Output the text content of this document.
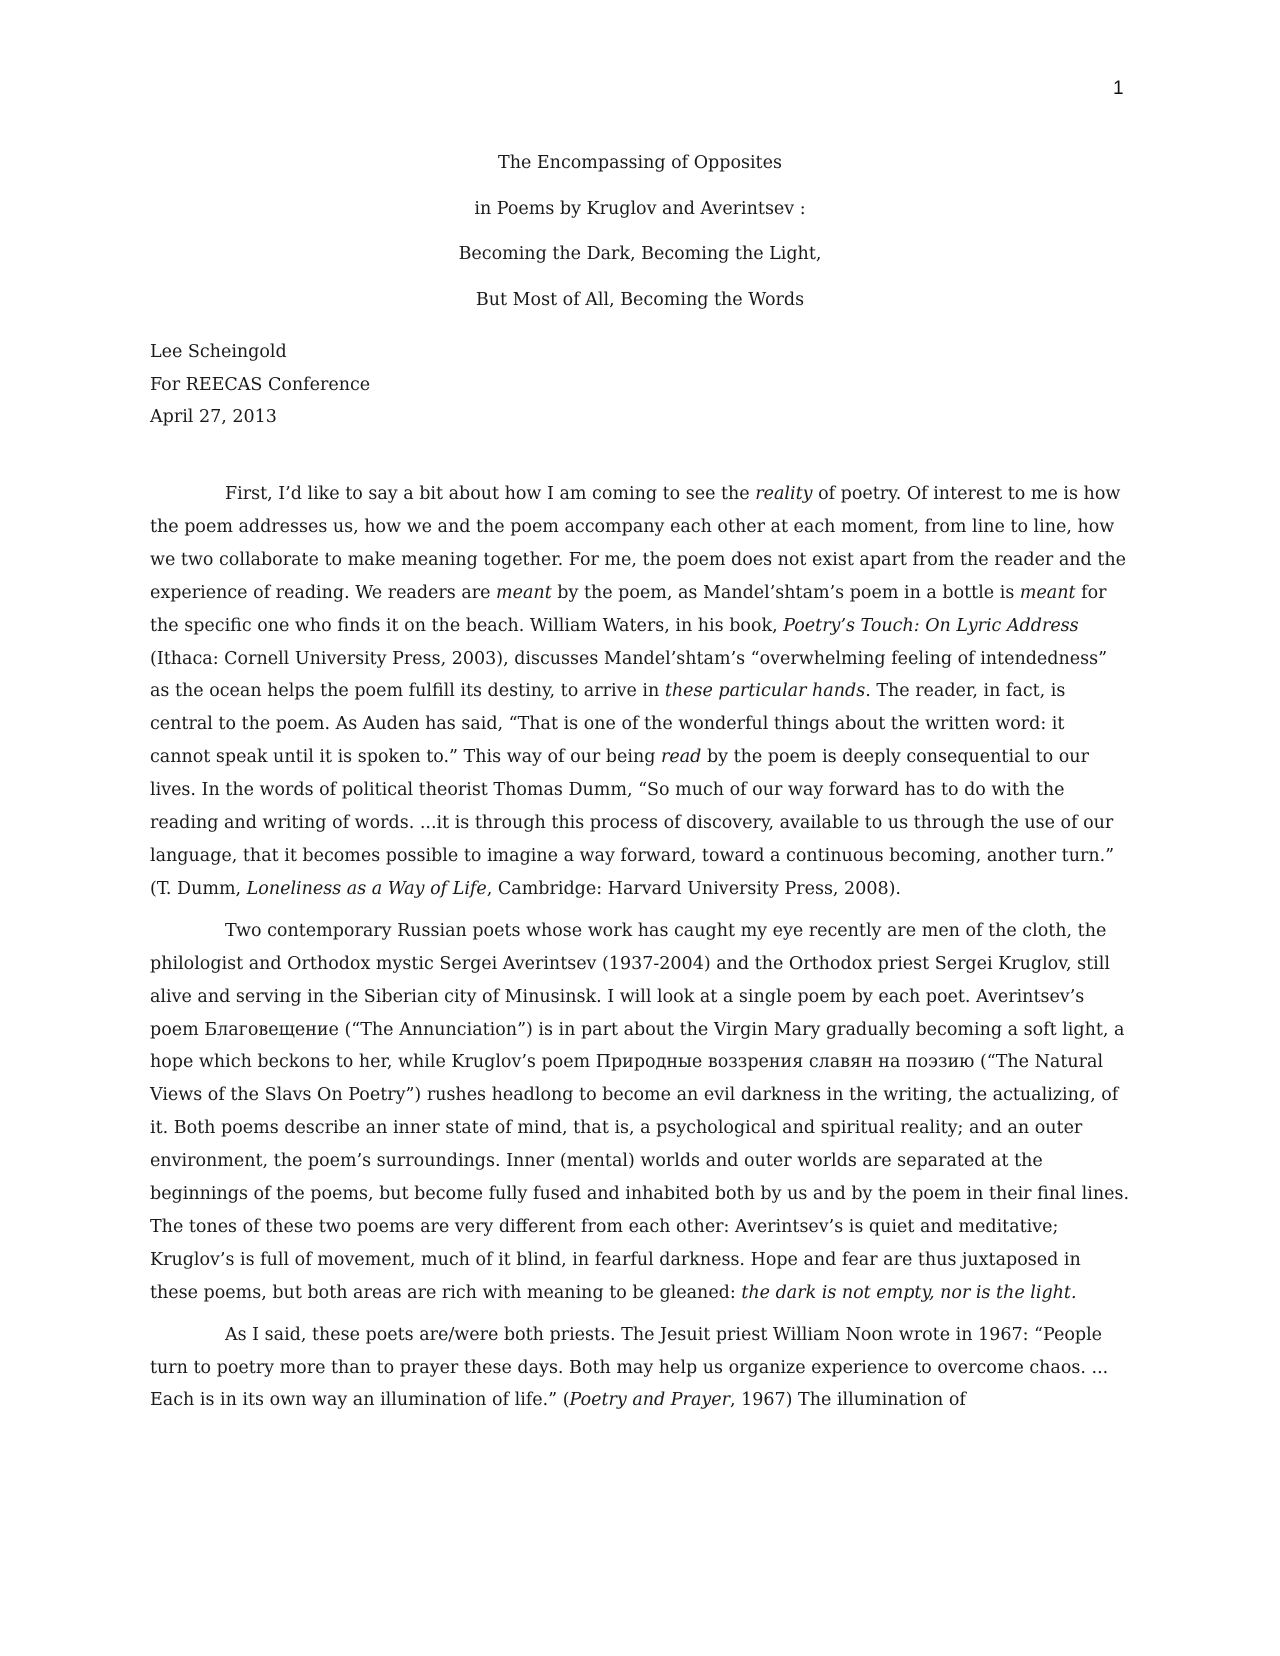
1
The Encompassing of Opposites
in Poems by Kruglov and Averintsev :
Becoming the Dark, Becoming the Light,
But Most of All, Becoming the Words
Lee Scheingold
For REECAS Conference
April 27, 2013

First, I’d like to say a bit about how I am coming to see the reality of poetry. Of interest to me is how the poem addresses us, how we and the poem accompany each other at each moment, from line to line, how we two collaborate to make meaning together. For me, the poem does not exist apart from the reader and the experience of reading. We readers are meant by the poem, as Mandel’shtam’s poem in a bottle is meant for the specific one who finds it on the beach. William Waters, in his book, Poetry’s Touch: On Lyric Address (Ithaca: Cornell University Press, 2003), discusses Mandel’shtam’s “overwhelming feeling of intendedness” as the ocean helps the poem fulfill its destiny, to arrive in these particular hands. The reader, in fact, is central to the poem. As Auden has said, “That is one of the wonderful things about the written word: it cannot speak until it is spoken to.” This way of our being read by the poem is deeply consequential to our lives. In the words of political theorist Thomas Dumm, “So much of our way forward has to do with the reading and writing of words. ...it is through this process of discovery, available to us through the use of our language, that it becomes possible to imagine a way forward, toward a continuous becoming, another turn.” (T. Dumm, Loneliness as a Way of Life, Cambridge: Harvard University Press, 2008).

Two contemporary Russian poets whose work has caught my eye recently are men of the cloth, the philologist and Orthodox mystic Sergei Averintsev (1937-2004) and the Orthodox priest Sergei Kruglov, still alive and serving in the Siberian city of Minusinsk. I will look at a single poem by each poet. Averintsev’s poem Благовещение (“The Annunciation”) is in part about the Virgin Mary gradually becoming a soft light, a hope which beckons to her, while Kruglov’s poem Природные воззрения славян на поэзию (“The Natural Views of the Slavs On Poetry”) rushes headlong to become an evil darkness in the writing, the actualizing, of it. Both poems describe an inner state of mind, that is, a psychological and spiritual reality; and an outer environment, the poem’s surroundings. Inner (mental) worlds and outer worlds are separated at the beginnings of the poems, but become fully fused and inhabited both by us and by the poem in their final lines. The tones of these two poems are very different from each other: Averintsev’s is quiet and meditative; Kruglov’s is full of movement, much of it blind, in fearful darkness. Hope and fear are thus juxtaposed in these poems, but both areas are rich with meaning to be gleaned: the dark is not empty, nor is the light.

As I said, these poets are/were both priests. The Jesuit priest William Noon wrote in 1967: “People turn to poetry more than to prayer these days. Both may help us organize experience to overcome chaos. ... Each is in its own way an illumination of life.” (Poetry and Prayer, 1967) The illumination of
